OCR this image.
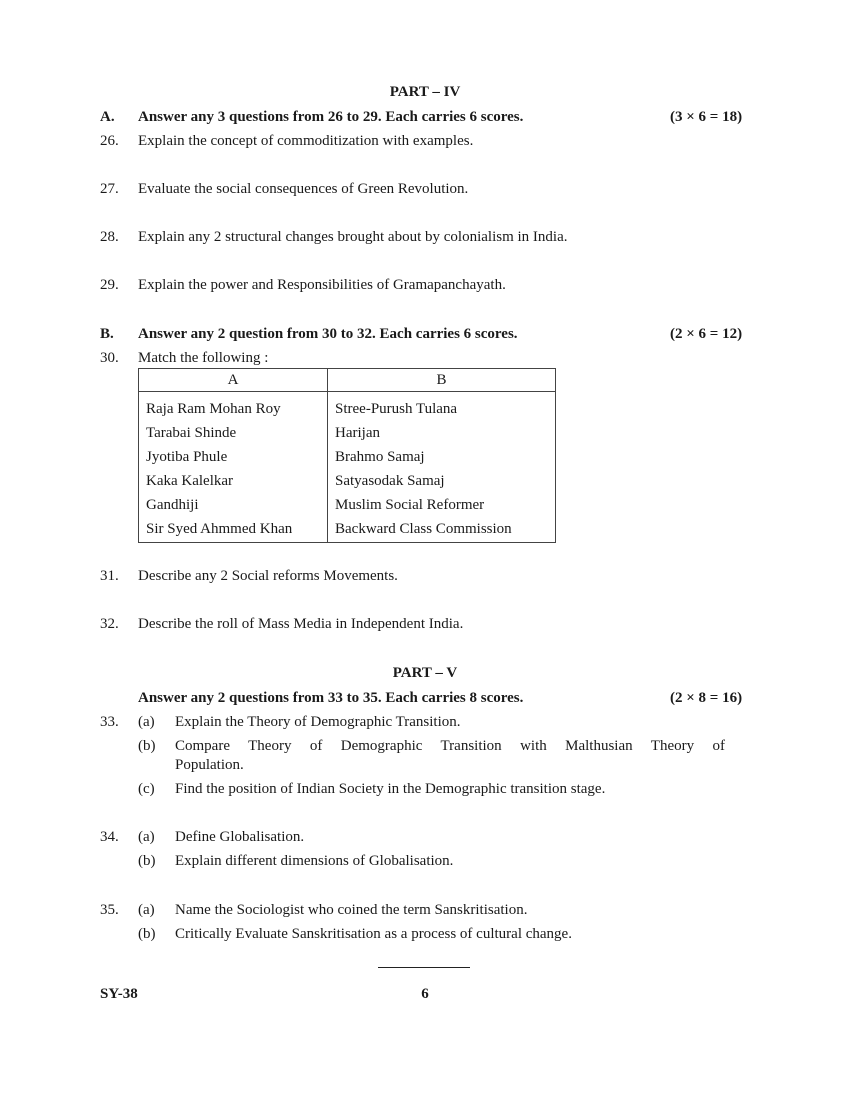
PART – IV
A. Answer any 3 questions from 26 to 29. Each carries 6 scores.	(3 × 6 = 18)
26. Explain the concept of commoditization with examples.
27. Evaluate the social consequences of Green Revolution.
28. Explain any 2 structural changes brought about by colonialism in India.
29. Explain the power and Responsibilities of Gramapanchayath.
B. Answer any 2 question from 30 to 32. Each carries 6 scores.	(2 × 6 = 12)
30. Match the following :
A	B
Raja Ram Mohan Roy	Stree-Purush Tulana
Tarabai Shinde	Harijan
Jyotiba Phule	Brahmo Samaj
Kaka Kalelkar	Satyasodak Samaj
Gandhiji	Muslim Social Reformer
Sir Syed Ahmmed Khan	Backward Class Commission
31. Describe any 2 Social reforms Movements.
32. Describe the roll of Mass Media in Independent India.
PART – V
Answer any 2 questions from 33 to 35. Each carries 8 scores.	(2 × 8 = 16)
33. (a) Explain the Theory of Demographic Transition.
(b) Compare Theory of Demographic Transition with Malthusian Theory of
Population.
(c) Find the position of Indian Society in the Demographic transition stage.
34. (a) Define Globalisation.
(b) Explain different dimensions of Globalisation.
35. (a) Name the Sociologist who coined the term Sanskritisation.
(b) Critically Evaluate Sanskritisation as a process of cultural change.
SY-38	6
